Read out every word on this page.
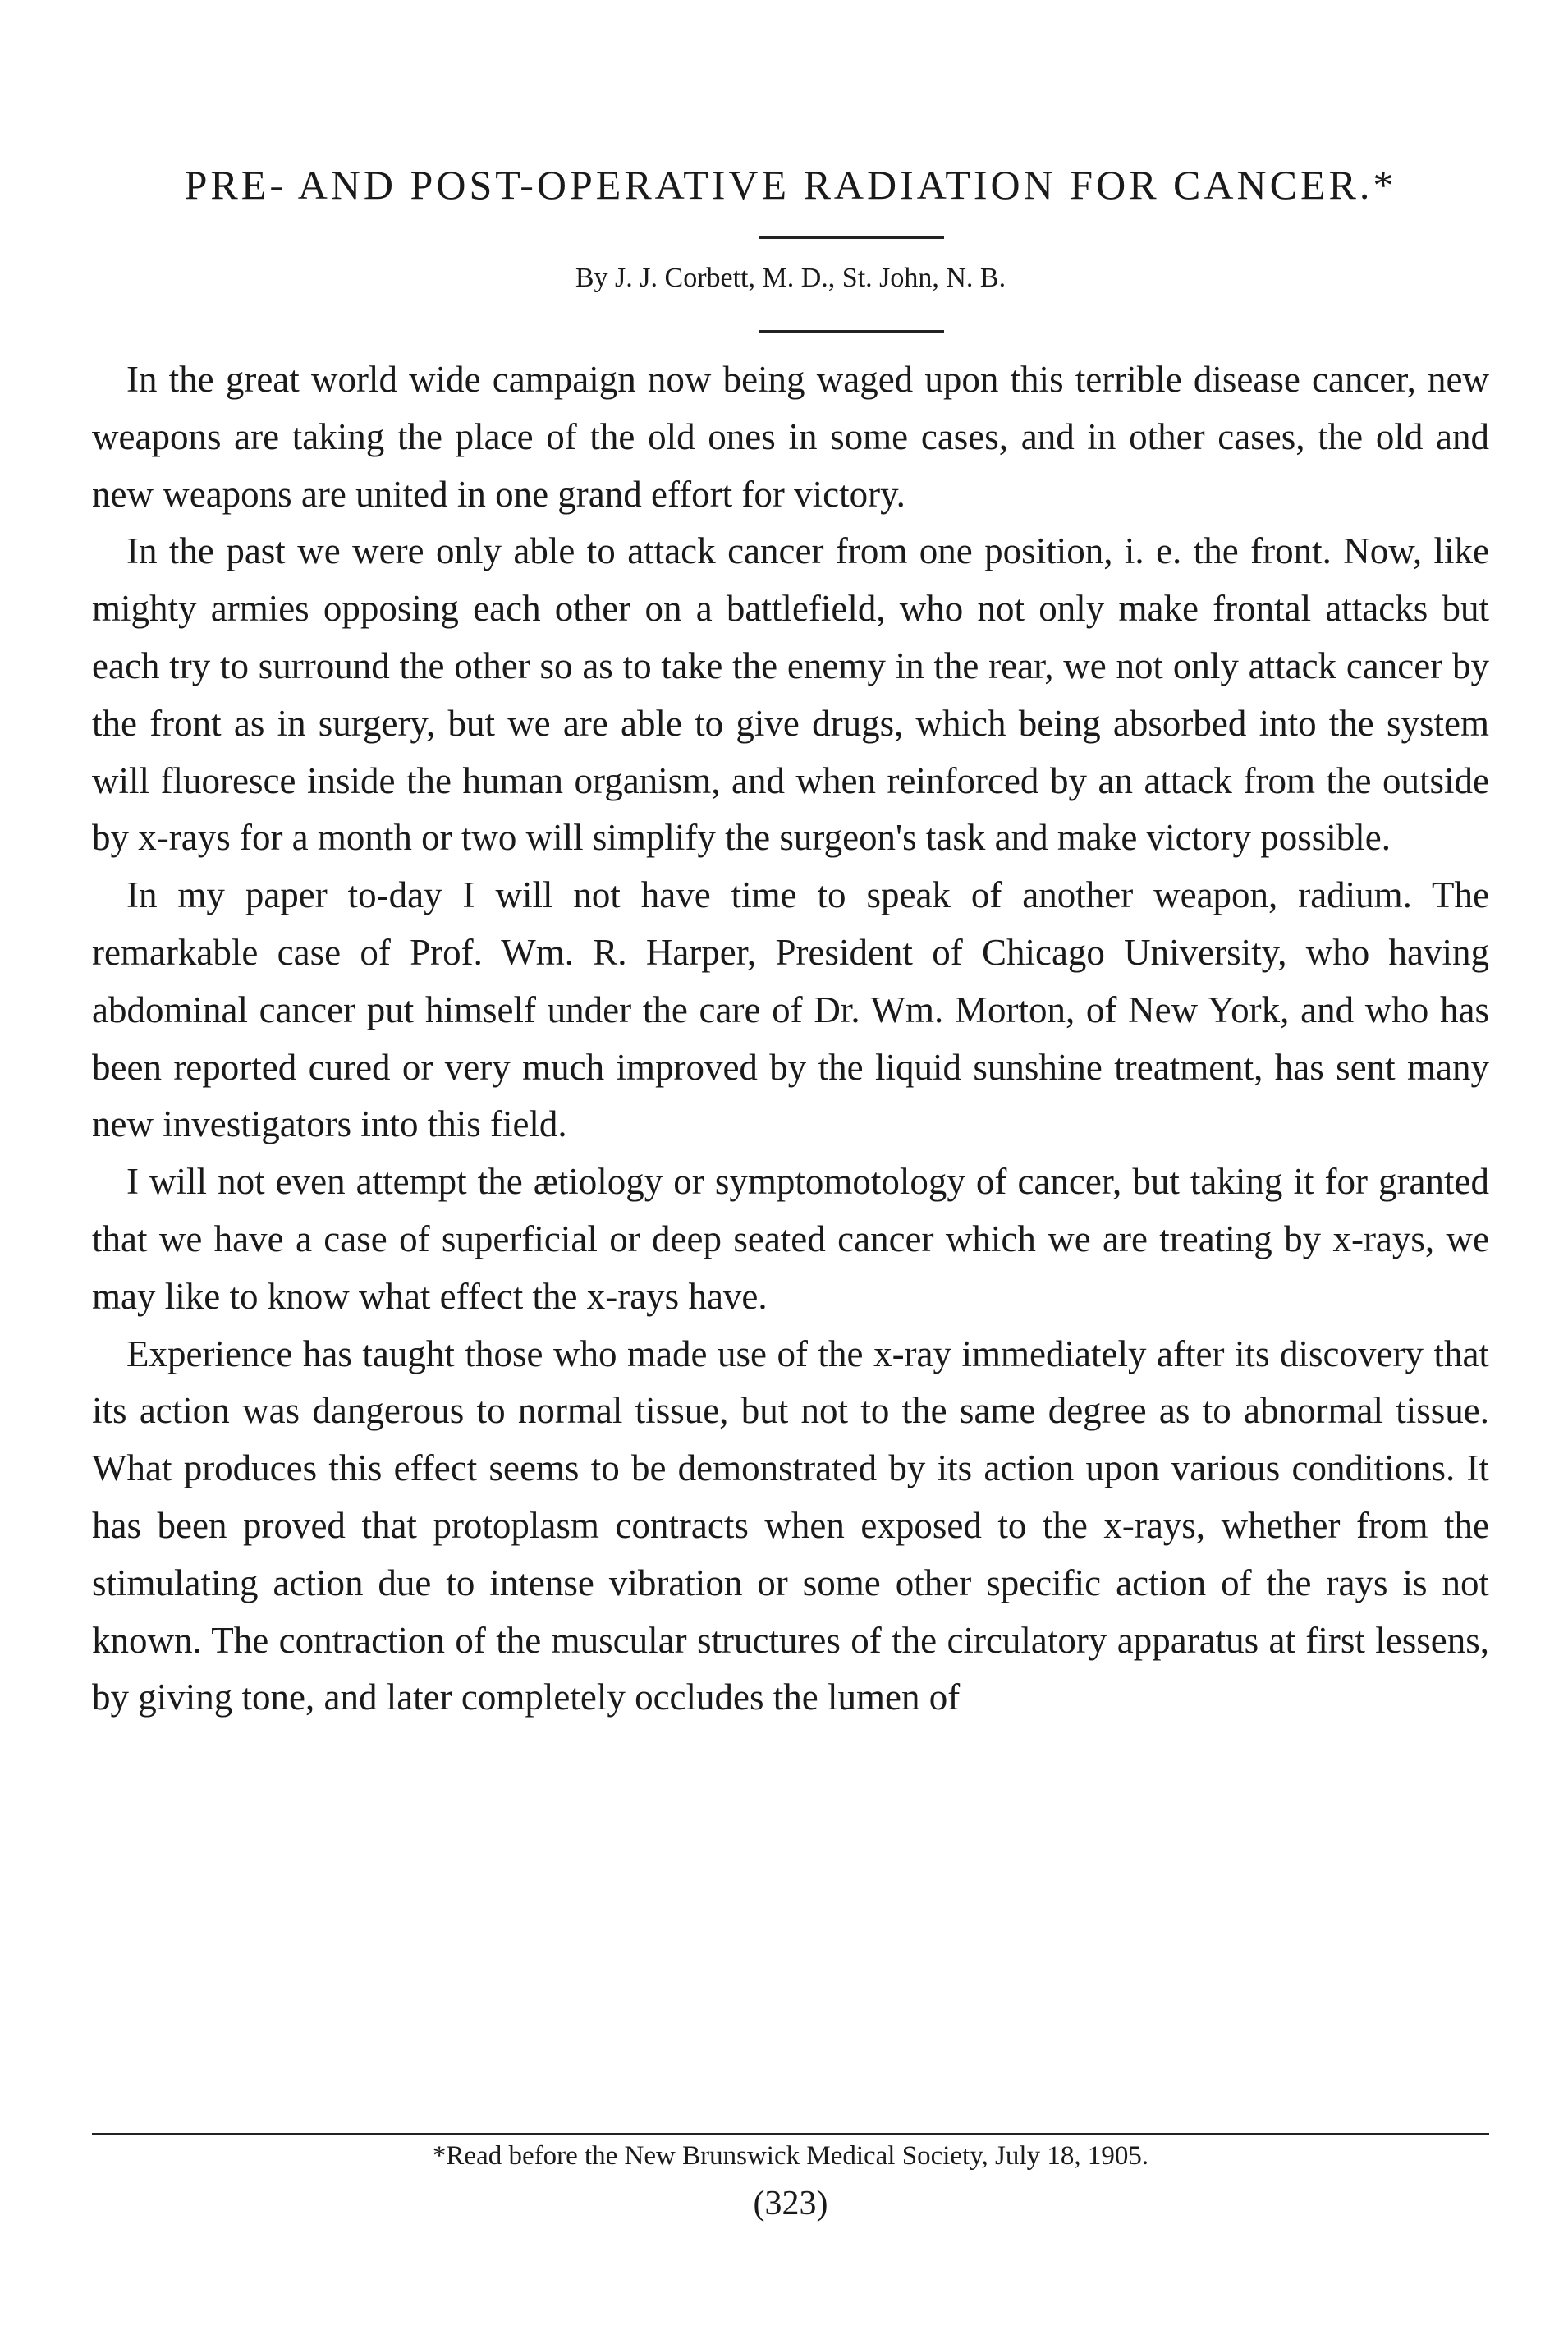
PRE- AND POST-OPERATIVE RADIATION FOR CANCER.*
By J. J. Corbett, M. D., St. John, N. B.

In the great world wide campaign now being waged upon this terrible disease cancer, new weapons are taking the place of the old ones in some cases, and in other cases, the old and new weapons are united in one grand effort for victory.

In the past we were only able to attack cancer from one position, i. e. the front. Now, like mighty armies opposing each other on a battlefield, who not only make frontal attacks but each try to surround the other so as to take the enemy in the rear, we not only attack cancer by the front as in surgery, but we are able to give drugs, which being absorbed into the system will fluoresce inside the human organism, and when reinforced by an attack from the outside by x-rays for a month or two will simplify the surgeon's task and make victory possible.

In my paper to-day I will not have time to speak of another weapon, radium. The remarkable case of Prof. Wm. R. Harper, President of Chicago University, who having abdominal cancer put himself under the care of Dr. Wm. Morton, of New York, and who has been reported cured or very much improved by the liquid sunshine treatment, has sent many new investigators into this field.

I will not even attempt the ætiology or symptomotology of cancer, but taking it for granted that we have a case of superficial or deep seated cancer which we are treating by x-rays, we may like to know what effect the x-rays have.

Experience has taught those who made use of the x-ray immediately after its discovery that its action was dangerous to normal tissue, but not to the same degree as to abnormal tissue. What produces this effect seems to be demonstrated by its action upon various conditions. It has been proved that protoplasm contracts when exposed to the x-rays, whether from the stimulating action due to intense vibration or some other specific action of the rays is not known. The contraction of the muscular structures of the circulatory apparatus at first lessens, by giving tone, and later completely occludes the lumen of

*Read before the New Brunswick Medical Society, July 18, 1905.
(323)
